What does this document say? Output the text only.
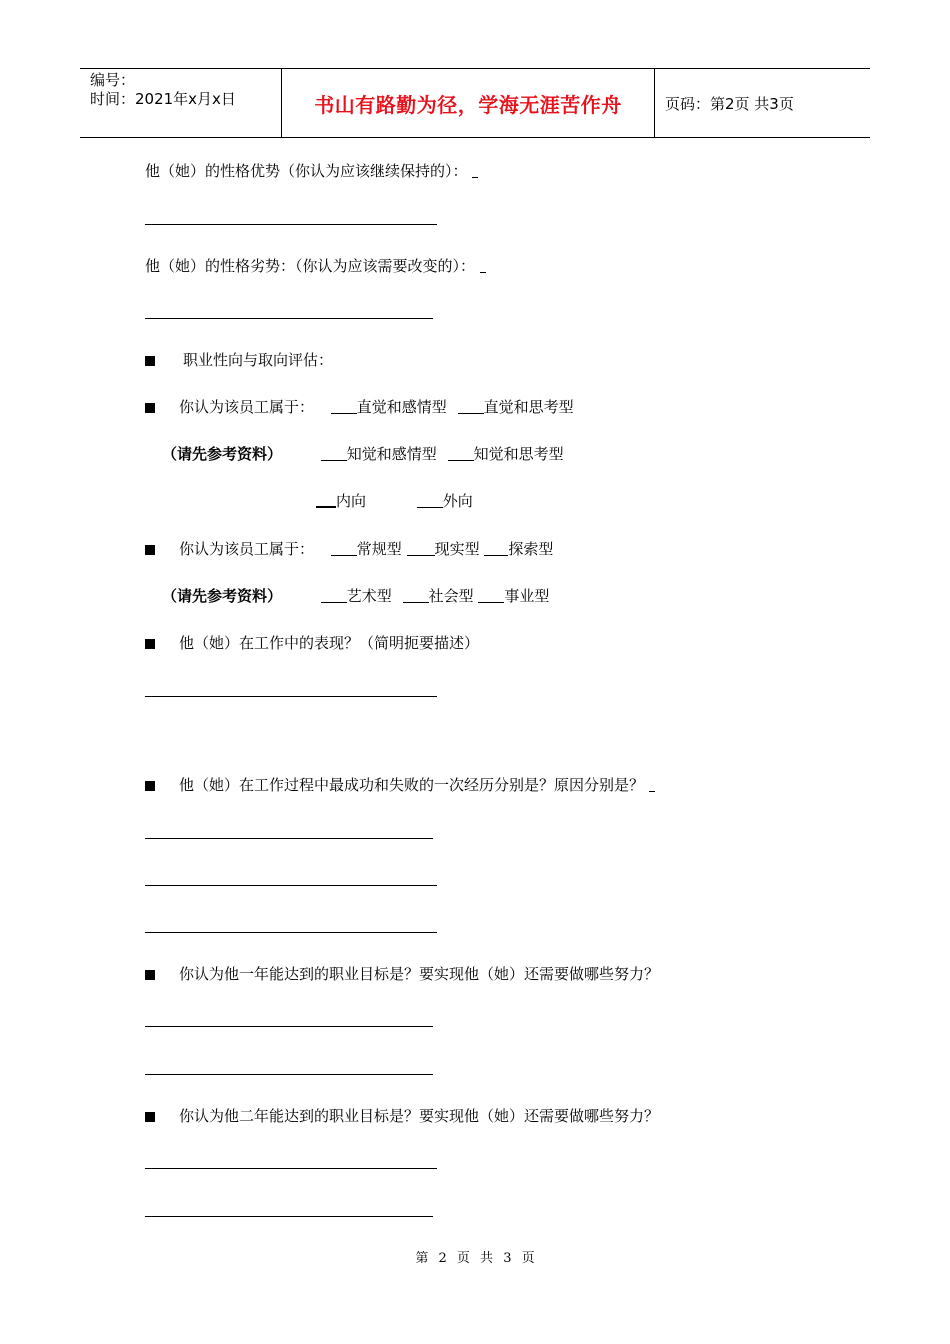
编号：
时间：2021年x月x日	书山有路勤为径，学海无涯苦作舟	页码：第2页 共3页
他（她）的性格优势（你认为应该继续保持的）：
他（她）的性格劣势：（你认为应该需要改变的）：
职业性向与取向评估：
你认为该员工属于：	直觉和感情型 直觉和思考型
（请先参考资料）	知觉和感情型 知觉和思考型
内向	外向
你认为该员工属于：	常规型 现实型 探索型
（请先参考资料）	艺术型 社会型 事业型
他（她）在工作中的表现？（简明扼要描述）
他（她）在工作过程中最成功和失败的一次经历分别是？原因分别是？
你认为他一年能达到的职业目标是？要实现他（她）还需要做哪些努力？
你认为他二年能达到的职业目标是？要实现他（她）还需要做哪些努力？
第 2 页 共 3 页
